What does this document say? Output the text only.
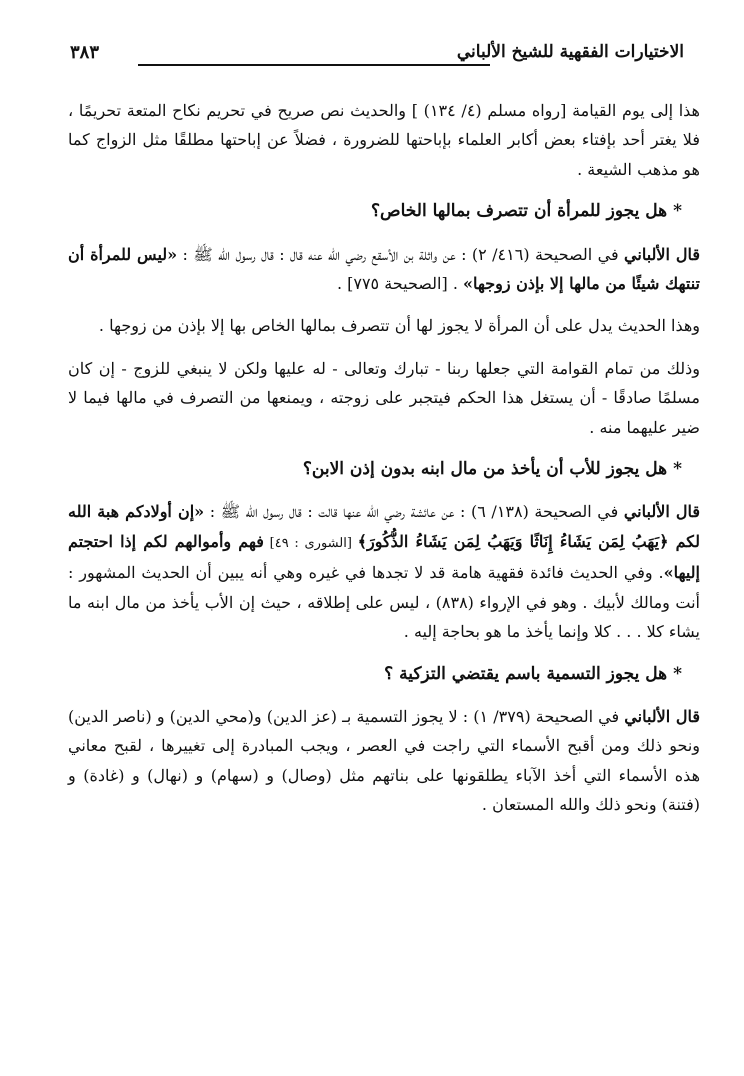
الاختيارات الفقهية للشيخ الألباني
٣٨٣

هذا إلى يوم القيامة [رواه مسلم (٤/ ١٣٤) ] والحديث نص صريح في تحريم نكاح المتعة تحريمًا ، فلا يغتر أحد بإفتاء بعض أكابر العلماء بإباحتها للضرورة ، فضلاً عن إباحتها مطلقًا مثل الزواج كما هو مذهب الشيعة .

*هل يجوز للمرأة أن تتصرف بمالها الخاص؟

قال الألباني في الصحيحة (٤١٦/ ٢) : عن واثلة بن الأسقع رضي الله عنه قال : قال رسول الله ﷺ : «ليس للمرأة أن تنتهك شيئًا من مالها إلا بإذن زوجها» . [الصحيحة ٧٧٥] .

وهذا الحديث يدل على أن المرأة لا يجوز لها أن تتصرف بمالها الخاص بها إلا بإذن من زوجها .

وذلك من تمام القوامة التي جعلها ربنا - تبارك وتعالى - له عليها ولكن لا ينبغي للزوج - إن كان مسلمًا صادقًا - أن يستغل هذا الحكم فيتجبر على زوجته ، ويمنعها من التصرف في مالها فيما لا ضير عليهما منه .

*هل يجوز للأب أن يأخذ من مال ابنه بدون إذن الابن؟

قال الألباني في الصحيحة (١٣٨/ ٦) : عن عائشة رضي الله عنها قالت : قال رسول الله ﷺ : «إن أولادكم هبة الله لكم ﴿يَهَبُ لِمَن يَشَاءُ إِنَاثًا وَيَهَبُ لِمَن يَشَاءُ الذُّكُورَ﴾ [الشورى : ٤٩] فهم وأموالهم لكم إذا احتجتم إليها». وفي الحديث فائدة فقهية هامة قد لا تجدها في غيره وهي أنه يبين أن الحديث المشهور : أنت ومالك لأبيك . وهو في الإرواء (٨٣٨) ، ليس على إطلاقه ، حيث إن الأب يأخذ من مال ابنه ما يشاء كلا . . . كلا وإنما يأخذ ما هو بحاجة إليه .

*هل يجوز التسمية باسم يقتضي التزكية ؟

قال الألباني في الصحيحة (٣٧٩/ ١) : لا يجوز التسمية بـ (عز الدين) و(محي الدين) و (ناصر الدين) ونحو ذلك ومن أقبح الأسماء التي راجت في العصر ، ويجب المبادرة إلى تغييرها ، لقبح معاني هذه الأسماء التي أخذ الآباء يطلقونها على بناتهم مثل (وصال) و (سهام) و (نهال) و (غادة) و (فتنة) ونحو ذلك والله المستعان .
